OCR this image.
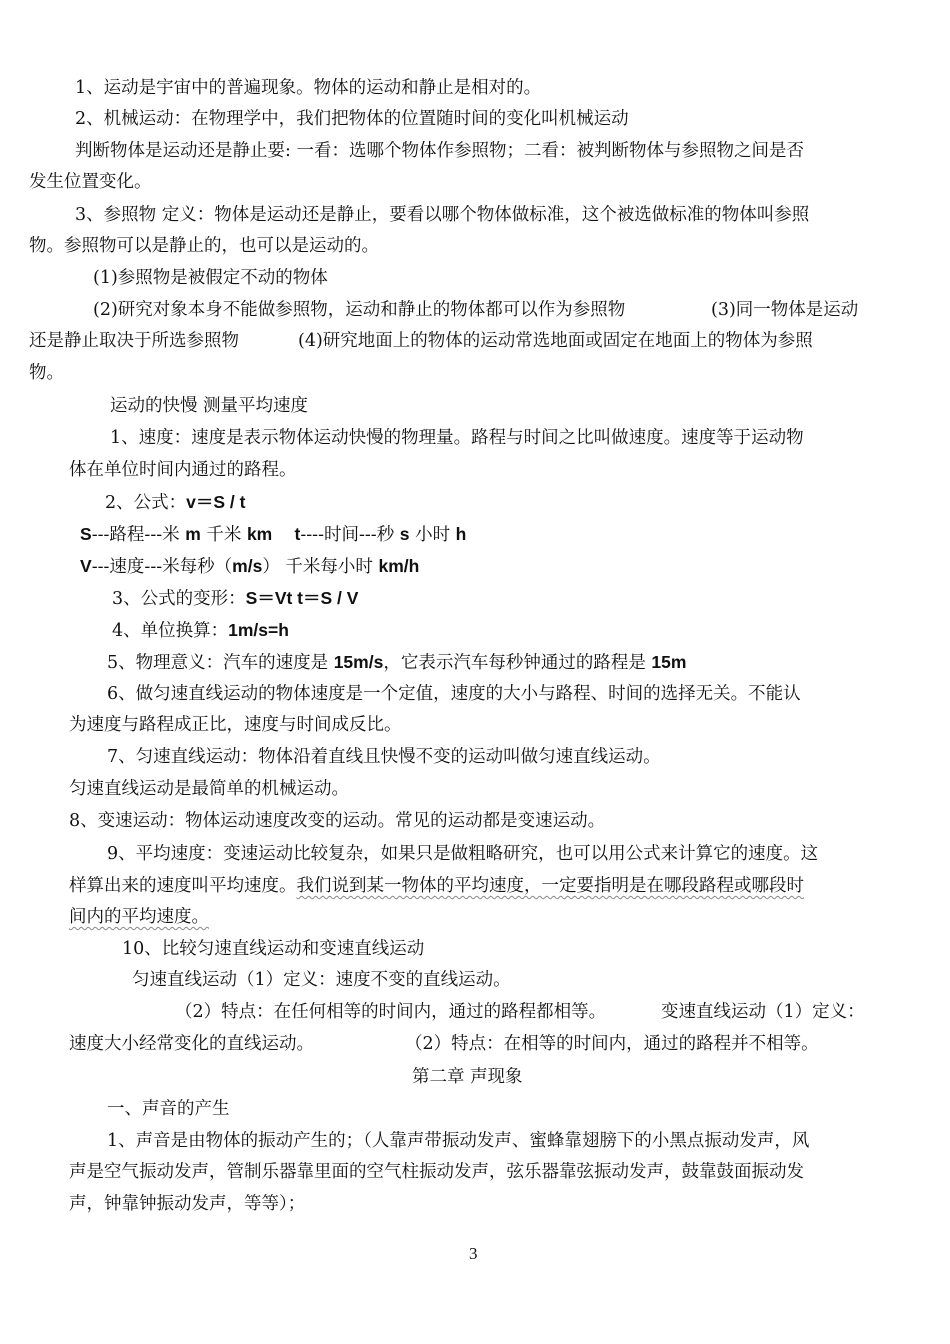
1、运动是宇宙中的普遍现象。物体的运动和静止是相对的。
2、机械运动：在物理学中，我们把物体的位置随时间的变化叫机械运动
判断物体是运动还是静止要: 一看：选哪个物体作参照物；二看：被判断物体与参照物之间是否
发生位置变化。
3、参照物 定义：物体是运动还是静止，要看以哪个物体做标准，这个被选做标准的物体叫参照
物。参照物可以是静止的，也可以是运动的。
(1)参照物是被假定不动的物体
(2)研究对象本身不能做参照物，运动和静止的物体都可以作为参照物	(3)同一物体是运动
还是静止取决于所选参照物	(4)研究地面上的物体的运动常选地面或固定在地面上的物体为参照
物。
运动的快慢 测量平均速度
1、速度：速度是表示物体运动快慢的物理量。路程与时间之比叫做速度。速度等于运动物
体在单位时间内通过的路程。
2、公式：v＝S / t
S---路程---米 m 千米 km t----时间---秒 s 小时 h
V---速度---米每秒（m/s） 千米每小时 km/h
3、公式的变形：S＝Vt t＝S / V
4、单位换算：1m/s=h
5、物理意义：汽车的速度是 15m/s，它表示汽车每秒钟通过的路程是 15m
6、做匀速直线运动的物体速度是一个定值，速度的大小与路程、时间的选择无关。不能认
为速度与路程成正比，速度与时间成反比。
7、匀速直线运动：物体沿着直线且快慢不变的运动叫做匀速直线运动。
匀速直线运动是最简单的机械运动。
8、变速运动：物体运动速度改变的运动。常见的运动都是变速运动。
9、平均速度：变速运动比较复杂，如果只是做粗略研究，也可以用公式来计算它的速度。这
样算出来的速度叫平均速度。我们说到某一物体的平均速度，一定要指明是在哪段路程或哪段时
间内的平均速度。
10、比较匀速直线运动和变速直线运动
匀速直线运动（1）定义：速度不变的直线运动。
（2）特点：在任何相等的时间内，通过的路程都相等。	变速直线运动（1）定义：
速度大小经常变化的直线运动。	（2）特点：在相等的时间内，通过的路程并不相等。
第二章 声现象
一、声音的产生
1、声音是由物体的振动产生的；（人靠声带振动发声、蜜蜂靠翅膀下的小黑点振动发声，风
声是空气振动发声，管制乐器靠里面的空气柱振动发声，弦乐器靠弦振动发声，鼓靠鼓面振动发
声，钟靠钟振动发声，等等）；
3
